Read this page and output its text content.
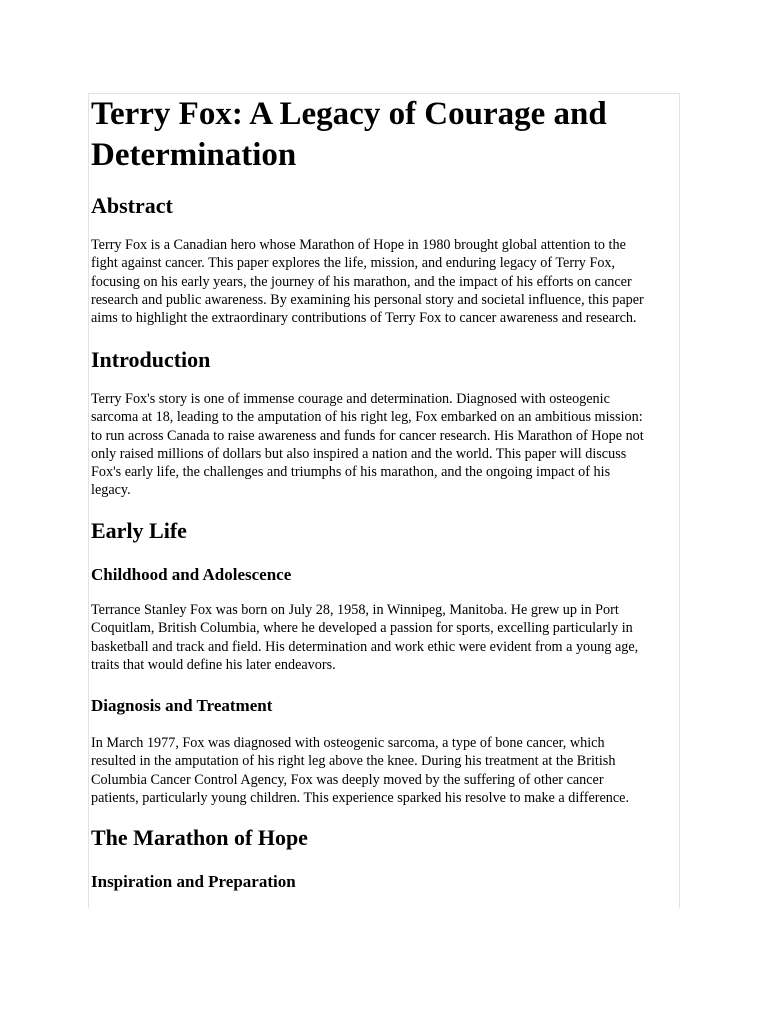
Terry Fox: A Legacy of Courage and
Determination
Abstract

Terry Fox is a Canadian hero whose Marathon of Hope in 1980 brought global attention to the
fight against cancer. This paper explores the life, mission, and enduring legacy of Terry Fox,
focusing on his early years, the journey of his marathon, and the impact of his efforts on cancer
research and public awareness. By examining his personal story and societal influence, this paper
aims to highlight the extraordinary contributions of Terry Fox to cancer awareness and research.

Introduction

Terry Fox's story is one of immense courage and determination. Diagnosed with osteogenic
sarcoma at 18, leading to the amputation of his right leg, Fox embarked on an ambitious mission:
to run across Canada to raise awareness and funds for cancer research. His Marathon of Hope not
only raised millions of dollars but also inspired a nation and the world. This paper will discuss
Fox's early life, the challenges and triumphs of his marathon, and the ongoing impact of his
legacy.

Early Life
Childhood and Adolescence

Terrance Stanley Fox was born on July 28, 1958, in Winnipeg, Manitoba. He grew up in Port
Coquitlam, British Columbia, where he developed a passion for sports, excelling particularly in
basketball and track and field. His determination and work ethic were evident from a young age,
traits that would define his later endeavors.

Diagnosis and Treatment

In March 1977, Fox was diagnosed with osteogenic sarcoma, a type of bone cancer, which
resulted in the amputation of his right leg above the knee. During his treatment at the British
Columbia Cancer Control Agency, Fox was deeply moved by the suffering of other cancer
patients, particularly young children. This experience sparked his resolve to make a difference.

The Marathon of Hope
Inspiration and Preparation
